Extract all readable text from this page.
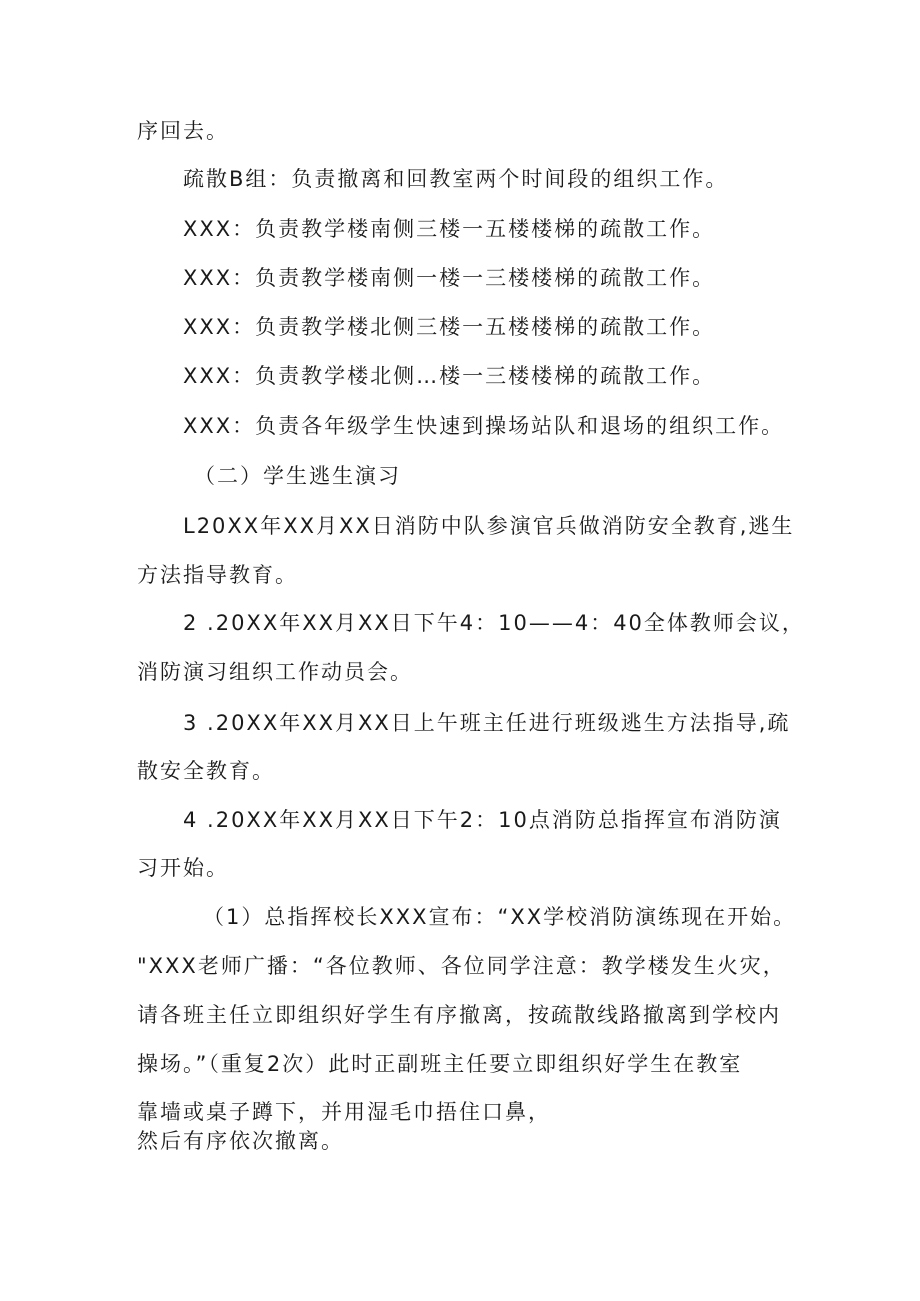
序回去。
疏散B组：负责撤离和回教室两个时间段的组织工作。
XXX：负责教学楼南侧三楼一五楼楼梯的疏散工作。
XXX：负责教学楼南侧一楼一三楼楼梯的疏散工作。
XXX：负责教学楼北侧三楼一五楼楼梯的疏散工作。
XXX：负责教学楼北侧…楼一三楼楼梯的疏散工作。
XXX：负责各年级学生快速到操场站队和退场的组织工作。
（二）学生逃生演习
L20XX年XX月XX日消防中队参演官兵做消防安全教育,逃生
方法指导教育。
2 .20XX年XX月XX日下午4：10——4：40全体教师会议，
消防演习组织工作动员会。
3 .20XX年XX月XX日上午班主任进行班级逃生方法指导,疏
散安全教育。
4 .20XX年XX月XX日下午2：10点消防总指挥宣布消防演
习开始。
（1）总指挥校长XXX宣布：“XX学校消防演练现在开始。
"XXX老师广播：“各位教师、各位同学注意：教学楼发生火灾，
请各班主任立即组织好学生有序撤离，按疏散线路撤离到学校内
操场。”（重复2次）此时正副班主任要立即组织好学生在教室
靠墙或桌子蹲下，并用湿毛巾捂住口鼻，
然后有序依次撤离。
